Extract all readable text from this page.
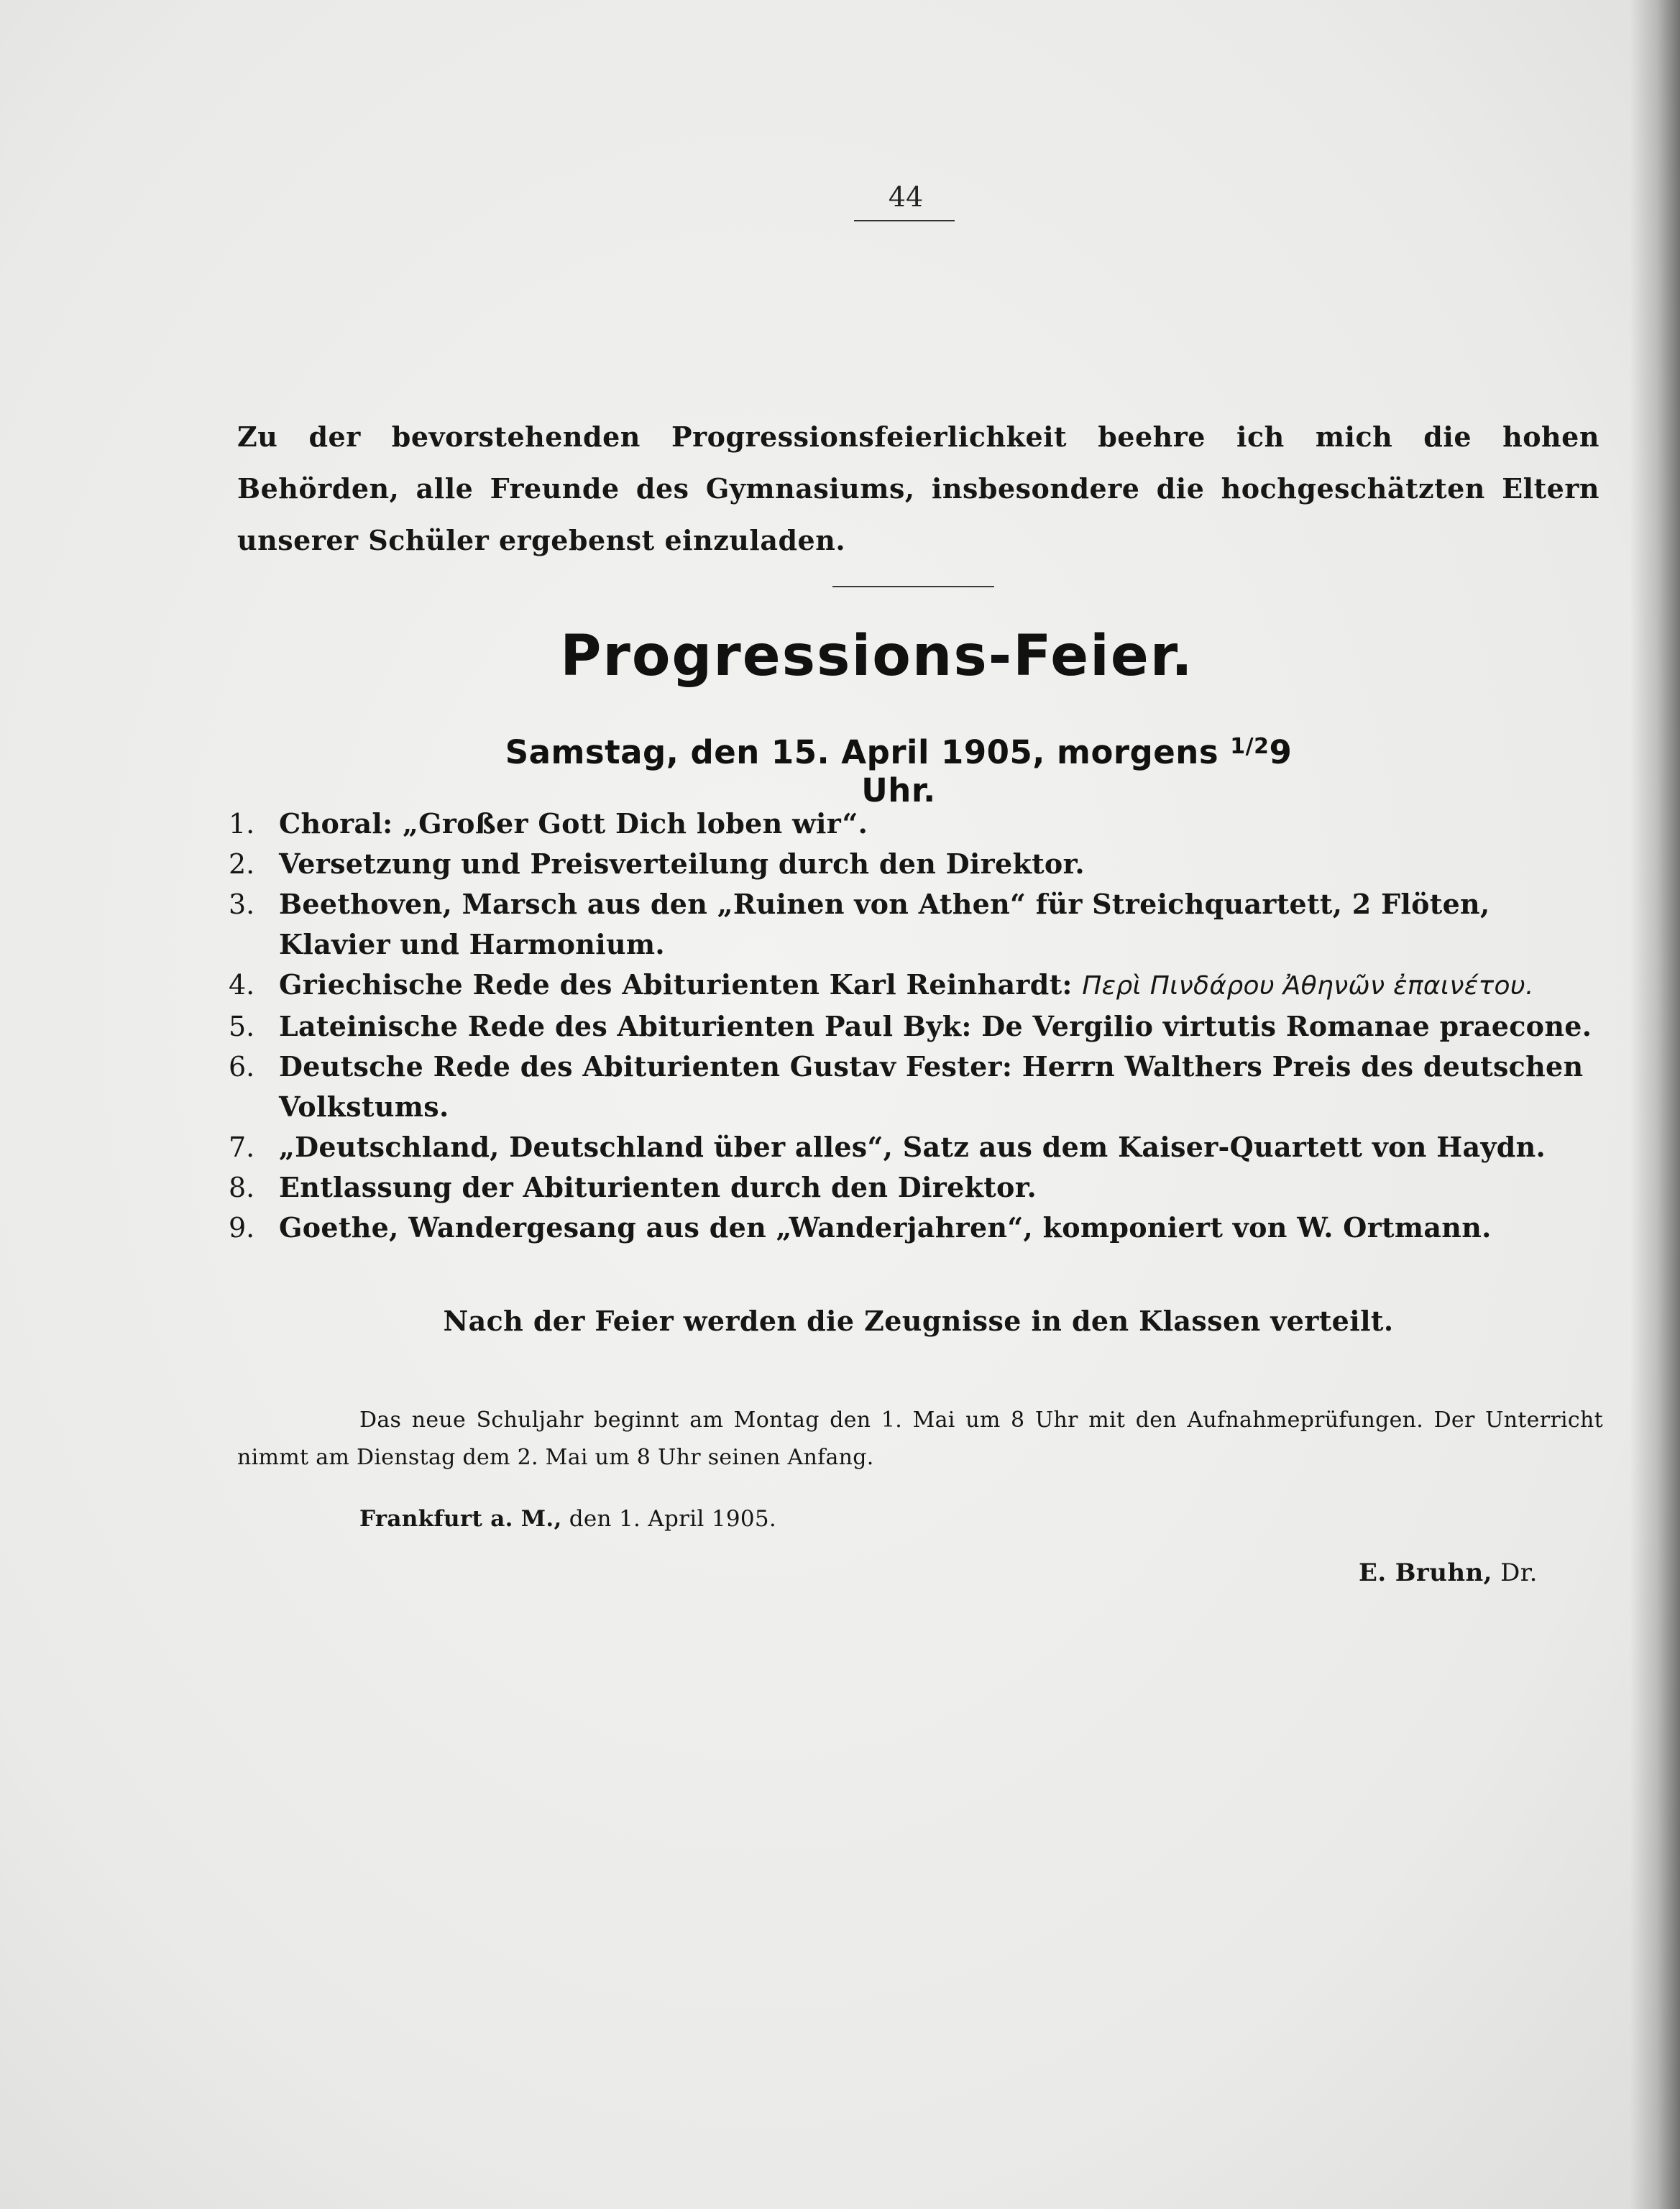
44
Zu der bevorstehenden Progressionsfeierlichkeit beehre ich mich die hohen Behörden, alle Freunde des Gymnasiums, insbesondere die hochgeschätzten Eltern unserer Schüler ergebenst einzuladen.
Progressions-Feier.
Samstag, den 15. April 1905, morgens $^{1/2}$9 Uhr.
1. Choral: „Großer Gott Dich loben wir“.
2. Versetzung und Preisverteilung durch den Direktor.
3. Beethoven, Marsch aus den „Ruinen von Athen“ für Streichquartett, 2 Flöten, Klavier und Harmonium.
4. Griechische Rede des Abiturienten Karl Reinhardt: Περὶ Πινδάρου Ἀθηνῶν ἐπαινέτου.
5. Lateinische Rede des Abiturienten Paul Byk: De Vergilio virtutis Romanae praecone.
6. Deutsche Rede des Abiturienten Gustav Fester: Herrn Walthers Preis des deutschen Volkstums.
7. „Deutschland, Deutschland über alles“, Satz aus dem Kaiser-Quartett von Haydn.
8. Entlassung der Abiturienten durch den Direktor.
9. Goethe, Wandergesang aus den „Wanderjahren“, komponiert von W. Ortmann.
Nach der Feier werden die Zeugnisse in den Klassen verteilt.
Das neue Schuljahr beginnt am Montag den 1. Mai um 8 Uhr mit den Aufnahmeprüfungen. Der Unterricht nimmt am Dienstag dem 2. Mai um 8 Uhr seinen Anfang.
Frankfurt a. M., den 1. April 1905.
E. Bruhn, Dr.
